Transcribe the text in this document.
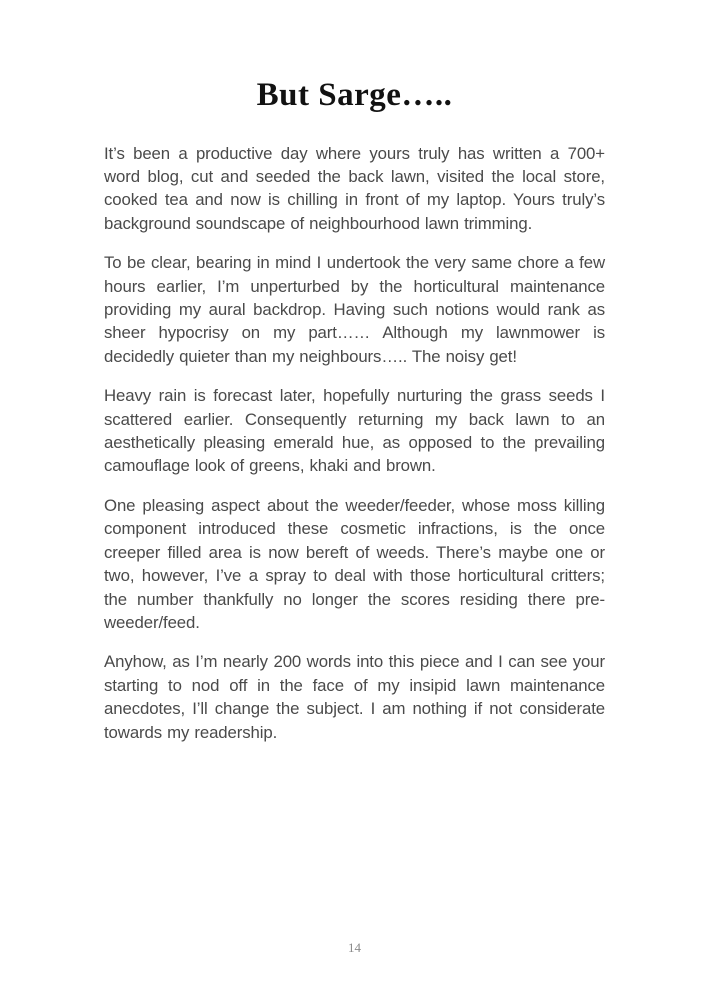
But Sarge…..

It’s been a productive day where yours truly has written a 700+ word blog, cut and seeded the back lawn, visited the local store, cooked tea and now is chilling in front of my laptop. Yours truly’s background soundscape of neighbourhood lawn trimming.

To be clear, bearing in mind I undertook the very same chore a few hours earlier, I’m unperturbed by the horticultural maintenance providing my aural backdrop. Having such notions would rank as sheer hypocrisy on my part…… Although my lawnmower is decidedly quieter than my neighbours….. The noisy get!

Heavy rain is forecast later, hopefully nurturing the grass seeds I scattered earlier. Consequently returning my back lawn to an aesthetically pleasing emerald hue, as opposed to the prevailing camouflage look of greens, khaki and brown.

One pleasing aspect about the weeder/feeder, whose moss killing component introduced these cosmetic infractions, is the once creeper filled area is now bereft of weeds. There’s maybe one or two, however, I’ve a spray to deal with those horticultural critters; the number thankfully no longer the scores residing there pre-weeder/feed.

Anyhow, as I’m nearly 200 words into this piece and I can see your starting to nod off in the face of my insipid lawn maintenance anecdotes, I’ll change the subject. I am nothing if not considerate towards my readership.

14
